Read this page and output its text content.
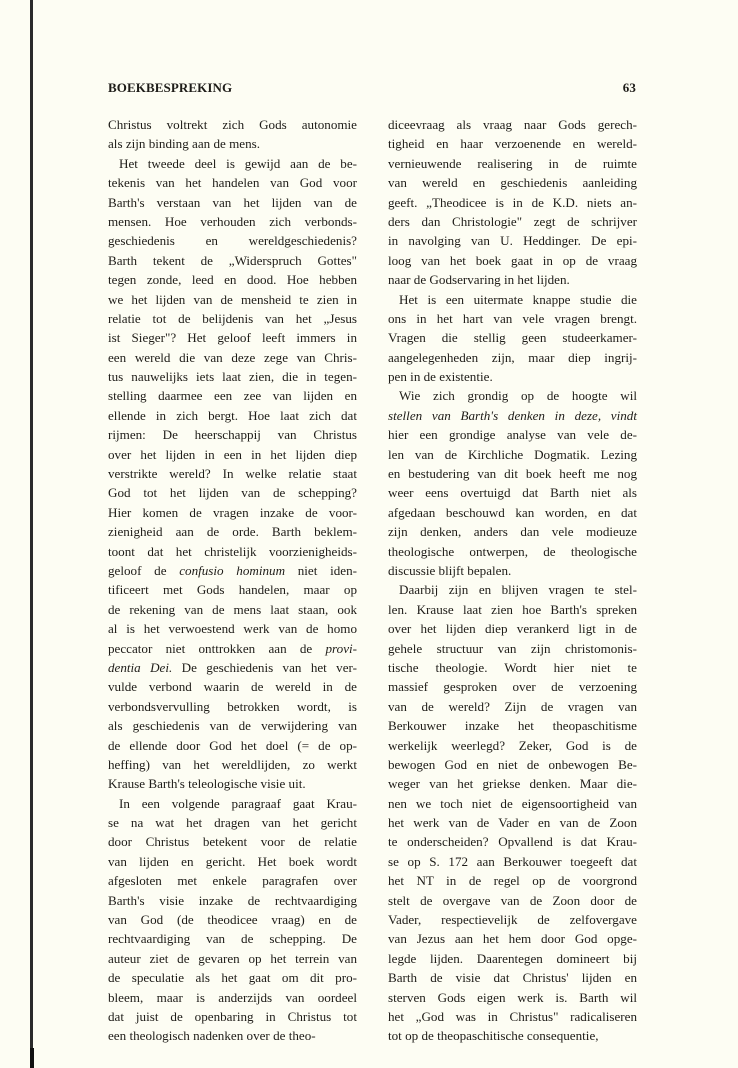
BOEKBESPREKING	63

Christus voltrekt zich Gods autonomie
als zijn binding aan de mens.

Het tweede deel is gewijd aan de be-
tekenis van het handelen van God voor
Barth's verstaan van het lijden van de
mensen. Hoe verhouden zich verbonds-
geschiedenis en wereldgeschiedenis?
Barth tekent de „Widerspruch Gottes"
tegen zonde, leed en dood. Hoe hebben
we het lijden van de mensheid te zien in
relatie tot de belijdenis van het „Jesus
ist Sieger"? Het geloof leeft immers in
een wereld die van deze zege van Chris-
tus nauwelijks iets laat zien, die in tegen-
stelling daarmee een zee van lijden en
ellende in zich bergt. Hoe laat zich dat
rijmen: De heerschappij van Christus
over het lijden in een in het lijden diep
verstrikte wereld? In welke relatie staat
God tot het lijden van de schepping?
Hier komen de vragen inzake de voor-
zienigheid aan de orde. Barth beklem-
toont dat het christelijk voorzienigheids-
geloof de confusio hominum niet iden-
tificeert met Gods handelen, maar op
de rekening van de mens laat staan, ook
al is het verwoestend werk van de homo
peccator niet onttrokken aan de provi-
dentia Dei. De geschiedenis van het ver-
vulde verbond waarin de wereld in de
verbondsvervulling betrokken wordt, is
als geschiedenis van de verwijdering van
de ellende door God het doel (= de op-
heffing) van het wereldlijden, zo werkt
Krause Barth's teleologische visie uit.

In een volgende paragraaf gaat Krau-
se na wat het dragen van het gericht
door Christus betekent voor de relatie
van lijden en gericht. Het boek wordt
afgesloten met enkele paragrafen over
Barth's visie inzake de rechtvaardiging
van God (de theodicee vraag) en de
rechtvaardiging van de schepping. De
auteur ziet de gevaren op het terrein van
de speculatie als het gaat om dit pro-
bleem, maar is anderzijds van oordeel
dat juist de openbaring in Christus tot
een theologisch nadenken over de theo-

diceevraag als vraag naar Gods gerech-
tigheid en haar verzoenende en wereld-
vernieuwende realisering in de ruimte
van wereld en geschiedenis aanleiding
geeft. „Theodicee is in de K.D. niets an-
ders dan Christologie" zegt de schrijver
in navolging van U. Heddinger. De epi-
loog van het boek gaat in op de vraag
naar de Godservaring in het lijden.

Het is een uitermate knappe studie die
ons in het hart van vele vragen brengt.
Vragen die stellig geen studeerkamer-
aangelegenheden zijn, maar diep ingrij-
pen in de existentie.

Wie zich grondig op de hoogte wil
stellen van Barth's denken in deze, vindt
hier een grondige analyse van vele de-
len van de Kirchliche Dogmatik. Lezing
en bestudering van dit boek heeft me nog
weer eens overtuigd dat Barth niet als
afgedaan beschouwd kan worden, en dat
zijn denken, anders dan vele modieuze
theologische ontwerpen, de theologische
discussie blijft bepalen.

Daarbij zijn en blijven vragen te stel-
len. Krause laat zien hoe Barth's spreken
over het lijden diep verankerd ligt in de
gehele structuur van zijn christomonis-
tische theologie. Wordt hier niet te
massief gesproken over de verzoening
van de wereld? Zijn de vragen van
Berkouwer inzake het theopaschitisme
werkelijk weerlegd? Zeker, God is de
bewogen God en niet de onbewogen Be-
weger van het griekse denken. Maar die-
nen we toch niet de eigensoortigheid van
het werk van de Vader en van de Zoon
te onderscheiden? Opvallend is dat Krau-
se op S. 172 aan Berkouwer toegeeft dat
het NT in de regel op de voorgrond
stelt de overgave van de Zoon door de
Vader, respectievelijk de zelfovergave
van Jezus aan het hem door God opge-
legde lijden. Daarentegen domineert bij
Barth de visie dat Christus' lijden en
sterven Gods eigen werk is. Barth wil
het „God was in Christus" radicaliseren
tot op de theopaschitische consequentie,
